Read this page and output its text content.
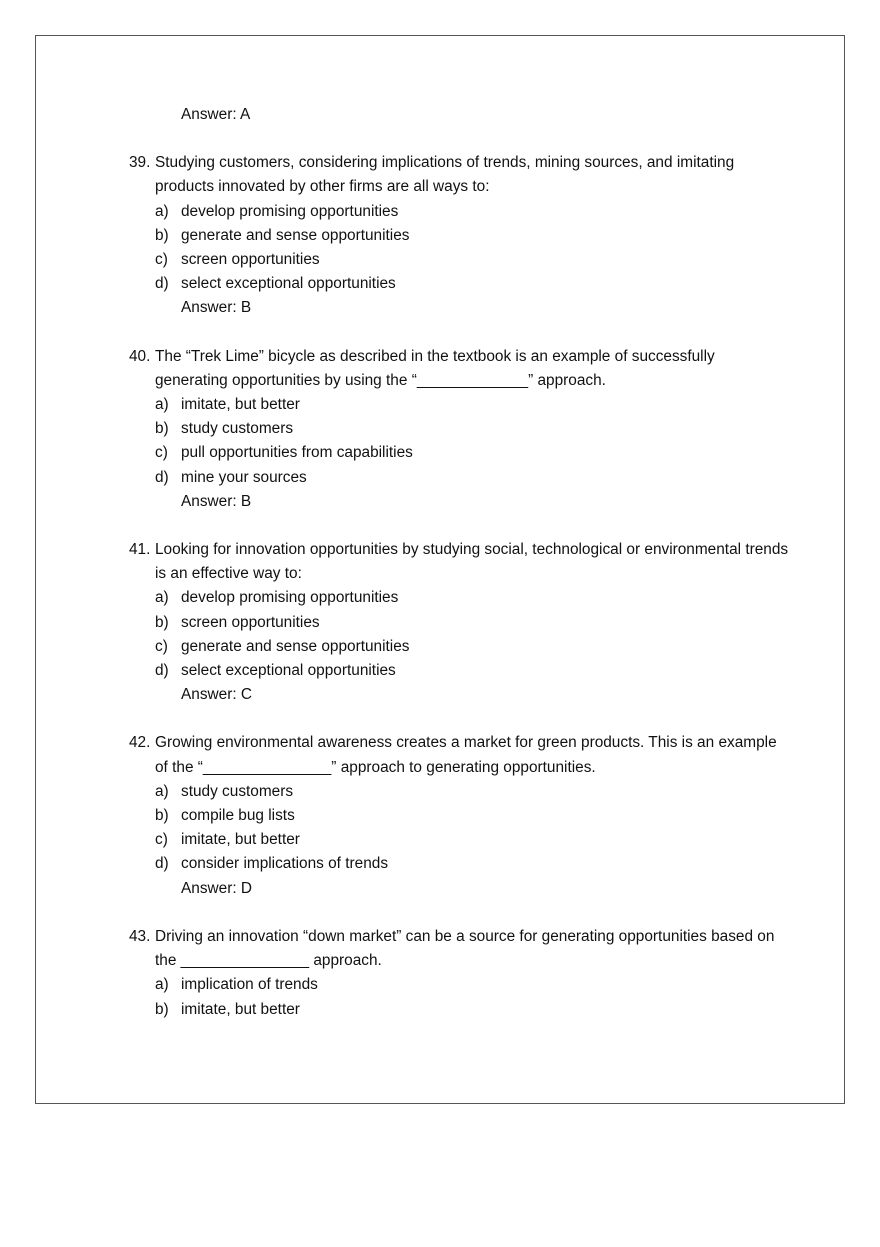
Answer: A
39. Studying customers, considering implications of trends, mining sources, and imitating products innovated by other firms are all ways to:
a) develop promising opportunities
b) generate and sense opportunities
c) screen opportunities
d) select exceptional opportunities
Answer: B
40. The “Trek Lime” bicycle as described in the textbook is an example of successfully generating opportunities by using the “_____________” approach.
a) imitate, but better
b) study customers
c) pull opportunities from capabilities
d) mine your sources
Answer: B
41. Looking for innovation opportunities by studying social, technological or environmental trends is an effective way to:
a) develop promising opportunities
b) screen opportunities
c) generate and sense opportunities
d) select exceptional opportunities
Answer: C
42. Growing environmental awareness creates a market for green products. This is an example of the “_______________” approach to generating opportunities.
a) study customers
b) compile bug lists
c) imitate, but better
d) consider implications of trends
Answer: D
43. Driving an innovation “down market” can be a source for generating opportunities based on the _______________ approach.
a) implication of trends
b) imitate, but better
